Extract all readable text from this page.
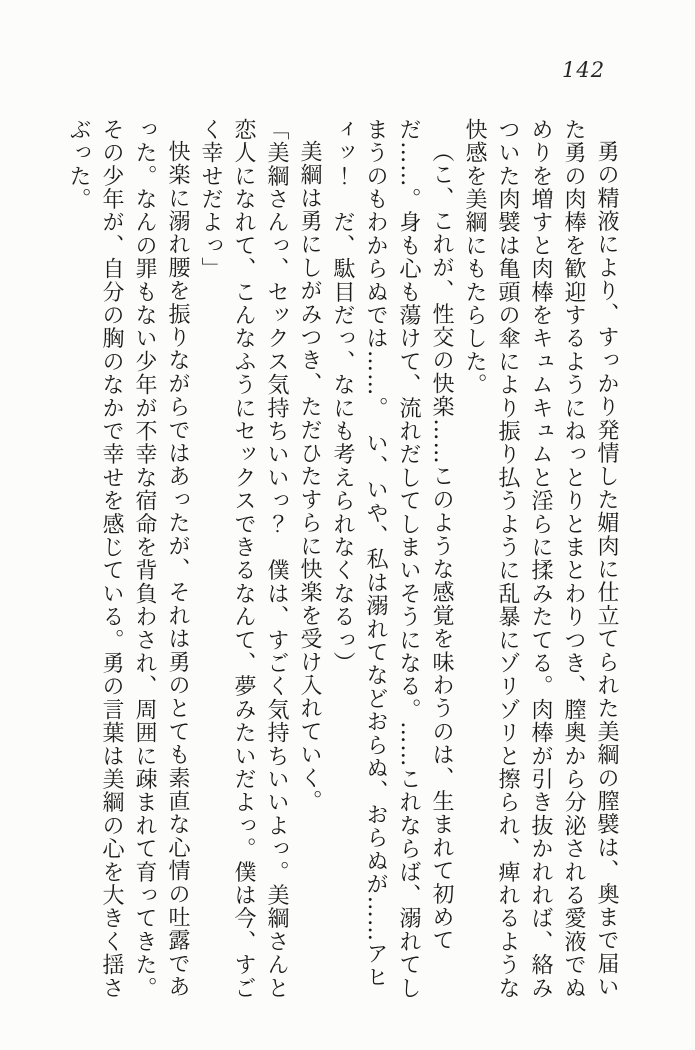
142

勇の精液により、すっかり発情した媚肉に仕立てられた美綱の膣襞は、奥まで届いた勇の肉棒を歓迎するようにねっとりとまとわりつき、膣奥から分泌される愛液でぬめりを増すと肉棒をキュムキュムと淫らに揉みたてる。肉棒が引き抜かれれば、絡みついた肉襞は亀頭の傘により振り払うように乱暴にゾリゾリと擦られ、痺れるような快感を美綱にもたらした。

（こ、これが、性交の快楽……このような感覚を味わうのは、生まれて初めてだ……。身も心も蕩けて、流れだしてしまいそうになる。……これならば、溺れてしまうのもわからぬでは……。　い、いや、私は溺れてなどおらぬ、おらぬが……アヒィッ！　だ、駄目だっ、なにも考えられなくなるっ）

美綱は勇にしがみつき、ただひたすらに快楽を受け入れていく。

「美綱さんっ、セックス気持ちいいっ？　僕は、すごく気持ちいいよっ。美綱さんと恋人になれて、こんなふうにセックスできるなんて、夢みたいだよっ。僕は今、すごく幸せだよっ」

快楽に溺れ腰を振りながらではあったが、それは勇のとても素直な心情の吐露であった。なんの罪もない少年が不幸な宿命を背負わされ、周囲に疎まれて育ってきた。その少年が、自分の胸のなかで幸せを感じている。勇の言葉は美綱の心を大きく揺さぶった。
